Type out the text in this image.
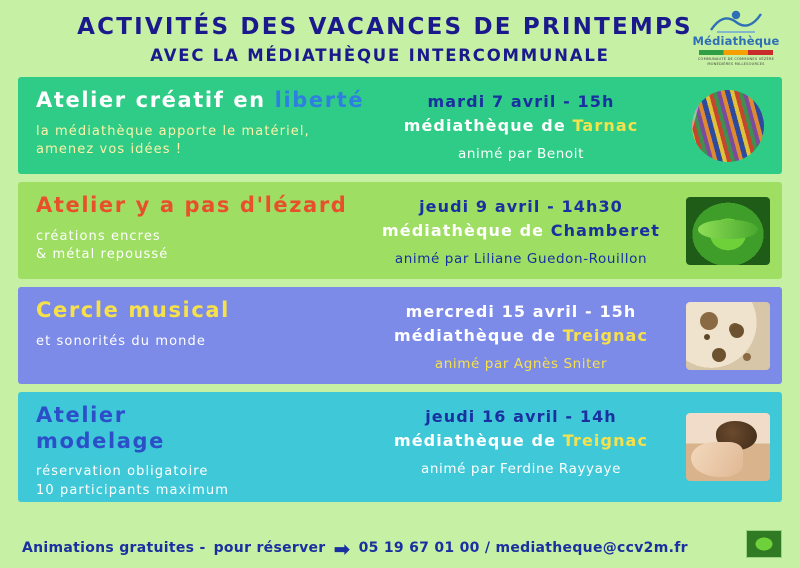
ACTIVITÉS DES VACANCES DE PRINTEMPS
AVEC LA MÉDIATHÈQUE INTERCOMMUNALE
Médiathèque
COMMUNAUTÉ DE COMMUNES VÉZÈRE MONÉDIÈRES MILLESOURCES
Atelier créatif en liberté
la médiathèque apporte le matériel,
amenez vos idées !
mardi 7 avril - 15h
médiathèque de Tarnac
animé par Benoit
Atelier y a pas d'lézard
créations encres
& métal repoussé
jeudi 9 avril - 14h30
médiathèque de Chamberet
animé par Liliane Guedon-Rouillon
Cercle musical
et sonorités du monde
mercredi 15 avril - 15h
médiathèque de Treignac
animé par Agnès Sniter
Atelier
modelage
réservation obligatoire
10 participants maximum
jeudi 16 avril - 14h
médiathèque de Treignac
animé par Ferdine Rayyaye
Animations gratuites - pour réserver ➡ 05 19 67 01 00 / mediatheque@ccv2m.fr
